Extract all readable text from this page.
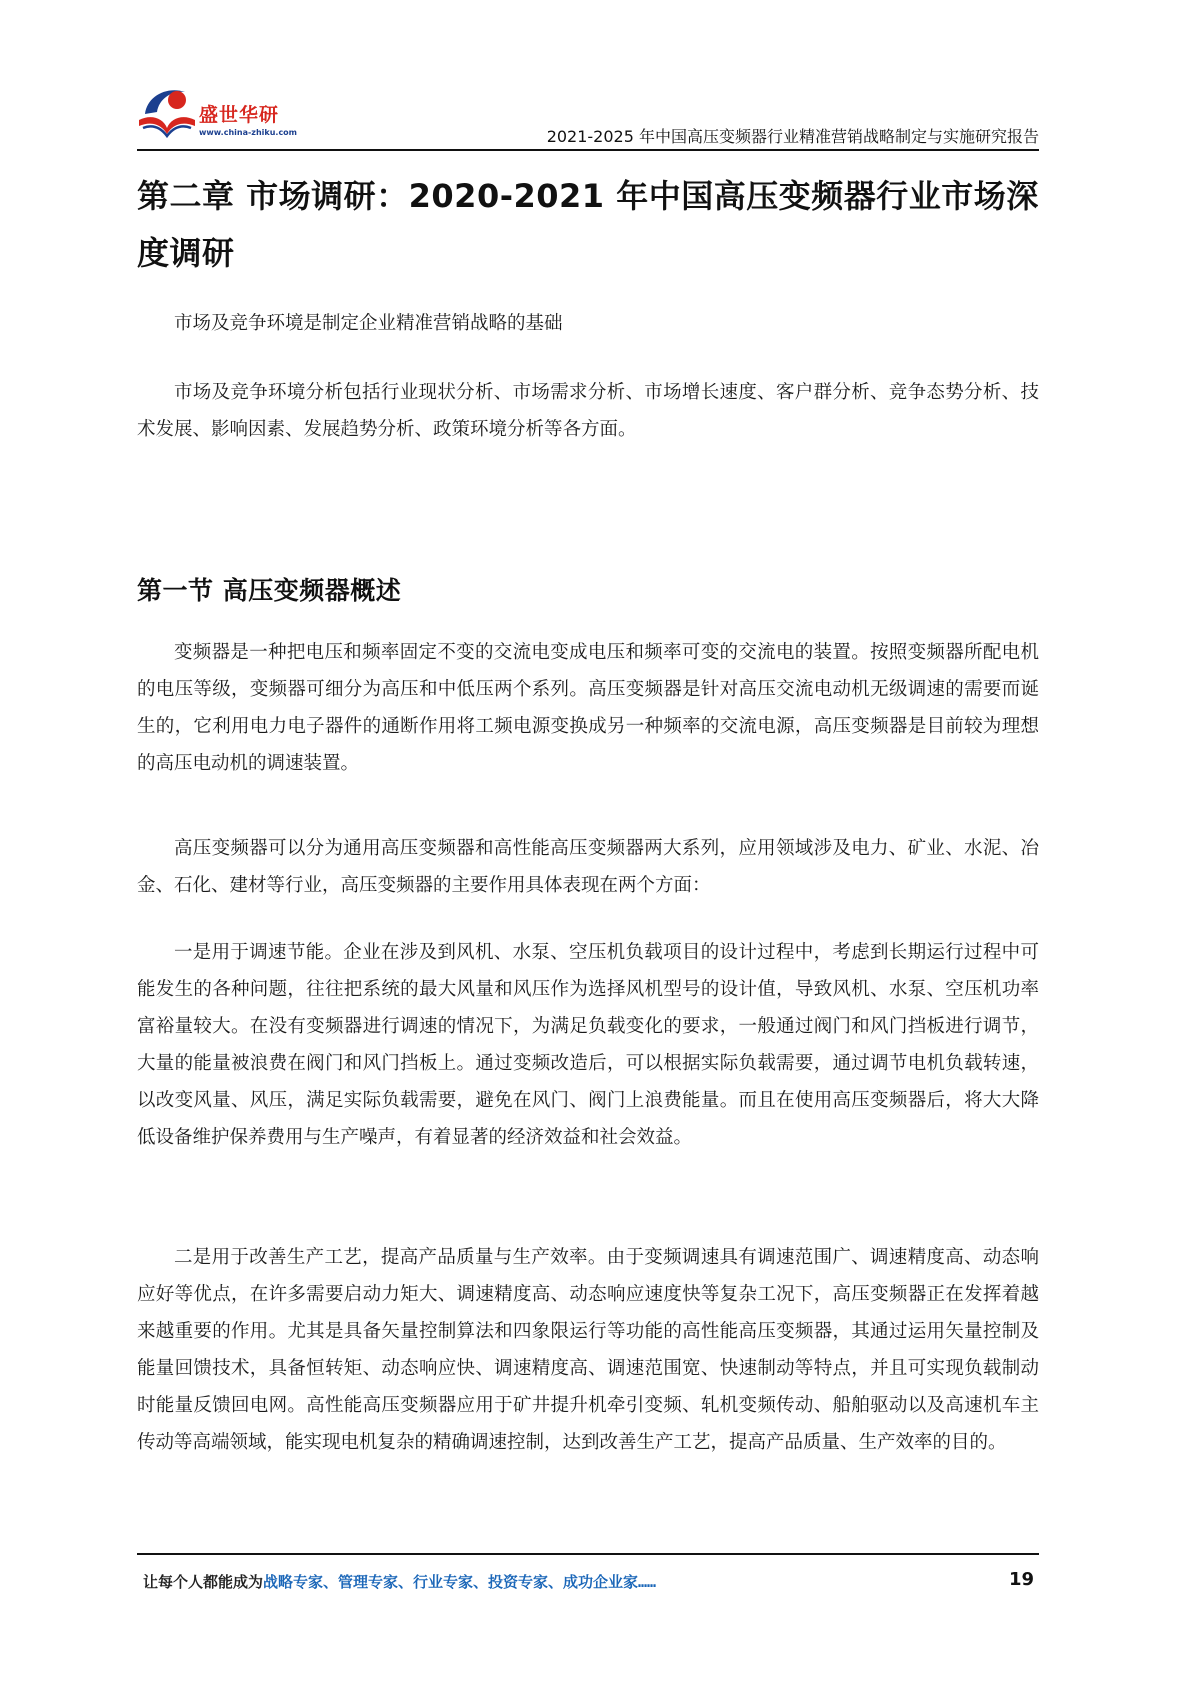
盛世华研
www.china-zhiku.com	2021-2025 年中国高压变频器行业精准营销战略制定与实施研究报告
第二章 市场调研：2020-2021 年中国高压变频器行业市场深度调研

市场及竞争环境是制定企业精准营销战略的基础

市场及竞争环境分析包括行业现状分析、市场需求分析、市场增长速度、客户群分析、竞争态势分析、技术发展、影响因素、发展趋势分析、政策环境分析等各方面。

第一节 高压变频器概述

变频器是一种把电压和频率固定不变的交流电变成电压和频率可变的交流电的装置。按照变频器所配电机的电压等级，变频器可细分为高压和中低压两个系列。高压变频器是针对高压交流电动机无级调速的需要而诞生的，它利用电力电子器件的通断作用将工频电源变换成另一种频率的交流电源，高压变频器是目前较为理想的高压电动机的调速装置。

高压变频器可以分为通用高压变频器和高性能高压变频器两大系列，应用领域涉及电力、矿业、水泥、冶金、石化、建材等行业，高压变频器的主要作用具体表现在两个方面：

一是用于调速节能。企业在涉及到风机、水泵、空压机负载项目的设计过程中，考虑到长期运行过程中可能发生的各种问题，往往把系统的最大风量和风压作为选择风机型号的设计值，导致风机、水泵、空压机功率富裕量较大。在没有变频器进行调速的情况下，为满足负载变化的要求，一般通过阀门和风门挡板进行调节，大量的能量被浪费在阀门和风门挡板上。通过变频改造后，可以根据实际负载需要，通过调节电机负载转速，以改变风量、风压，满足实际负载需要，避免在风门、阀门上浪费能量。而且在使用高压变频器后，将大大降低设备维护保养费用与生产噪声，有着显著的经济效益和社会效益。

二是用于改善生产工艺，提高产品质量与生产效率。由于变频调速具有调速范围广、调速精度高、动态响应好等优点，在许多需要启动力矩大、调速精度高、动态响应速度快等复杂工况下，高压变频器正在发挥着越来越重要的作用。尤其是具备矢量控制算法和四象限运行等功能的高性能高压变频器，其通过运用矢量控制及能量回馈技术，具备恒转矩、动态响应快、调速精度高、调速范围宽、快速制动等特点，并且可实现负载制动时能量反馈回电网。高性能高压变频器应用于矿井提升机牵引变频、轧机变频传动、船舶驱动以及高速机车主传动等高端领域，能实现电机复杂的精确调速控制，达到改善生产工艺，提高产品质量、生产效率的目的。

让每个人都能成为战略专家、管理专家、行业专家、投资专家、成功企业家……	19
